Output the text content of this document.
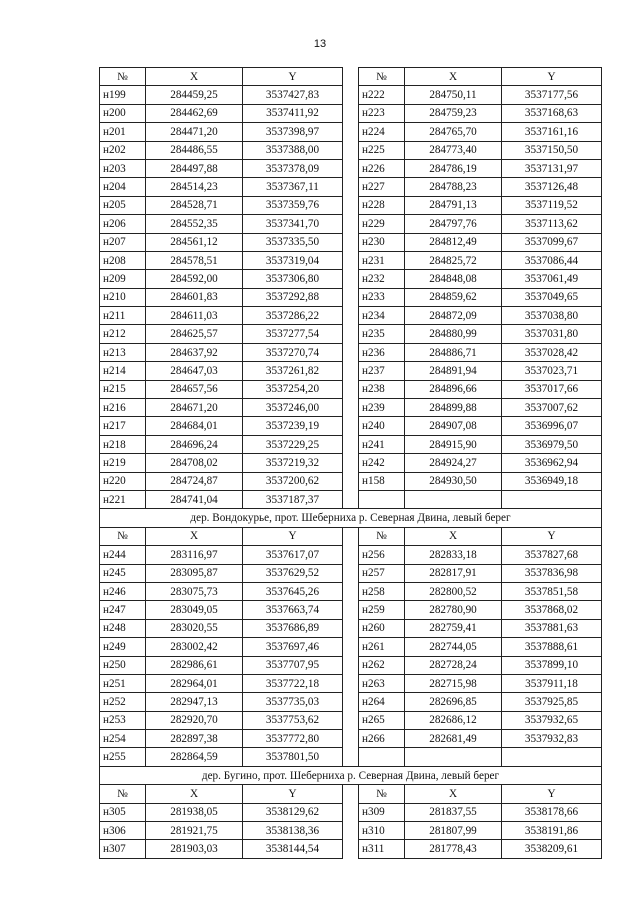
13
№	X	Y		№	X	Y
н199	284459,25	3537427,83		н222	284750,11	3537177,56
н200	284462,69	3537411,92		н223	284759,23	3537168,63
н201	284471,20	3537398,97		н224	284765,70	3537161,16
н202	284486,55	3537388,00		н225	284773,40	3537150,50
н203	284497,88	3537378,09		н226	284786,19	3537131,97
н204	284514,23	3537367,11		н227	284788,23	3537126,48
н205	284528,71	3537359,76		н228	284791,13	3537119,52
н206	284552,35	3537341,70		н229	284797,76	3537113,62
н207	284561,12	3537335,50		н230	284812,49	3537099,67
н208	284578,51	3537319,04		н231	284825,72	3537086,44
н209	284592,00	3537306,80		н232	284848,08	3537061,49
н210	284601,83	3537292,88		н233	284859,62	3537049,65
н211	284611,03	3537286,22		н234	284872,09	3537038,80
н212	284625,57	3537277,54		н235	284880,99	3537031,80
н213	284637,92	3537270,74		н236	284886,71	3537028,42
н214	284647,03	3537261,82		н237	284891,94	3537023,71
н215	284657,56	3537254,20		н238	284896,66	3537017,66
н216	284671,20	3537246,00		н239	284899,88	3537007,62
н217	284684,01	3537239,19		н240	284907,08	3536996,07
н218	284696,24	3537229,25		н241	284915,90	3536979,50
н219	284708,02	3537219,32		н242	284924,27	3536962,94
н220	284724,87	3537200,62		н158	284930,50	3536949,18
н221	284741,04	3537187,37				
дер. Вондокурье, прот. Шеберниха р. Северная Двина, левый берег						
№	X	Y		№	X	Y
н244	283116,97	3537617,07		н256	282833,18	3537827,68
н245	283095,87	3537629,52		н257	282817,91	3537836,98
н246	283075,73	3537645,26		н258	282800,52	3537851,58
н247	283049,05	3537663,74		н259	282780,90	3537868,02
н248	283020,55	3537686,89		н260	282759,41	3537881,63
н249	283002,42	3537697,46		н261	282744,05	3537888,61
н250	282986,61	3537707,95		н262	282728,24	3537899,10
н251	282964,01	3537722,18		н263	282715,98	3537911,18
н252	282947,13	3537735,03		н264	282696,85	3537925,85
н253	282920,70	3537753,62		н265	282686,12	3537932,65
н254	282897,38	3537772,80		н266	282681,49	3537932,83
н255	282864,59	3537801,50				
дер. Бугино, прот. Шеберниха р. Северная Двина, левый берег						
№	X	Y		№	X	Y
н305	281938,05	3538129,62		н309	281837,55	3538178,66
н306	281921,75	3538138,36		н310	281807,99	3538191,86
н307	281903,03	3538144,54		н311	281778,43	3538209,61
